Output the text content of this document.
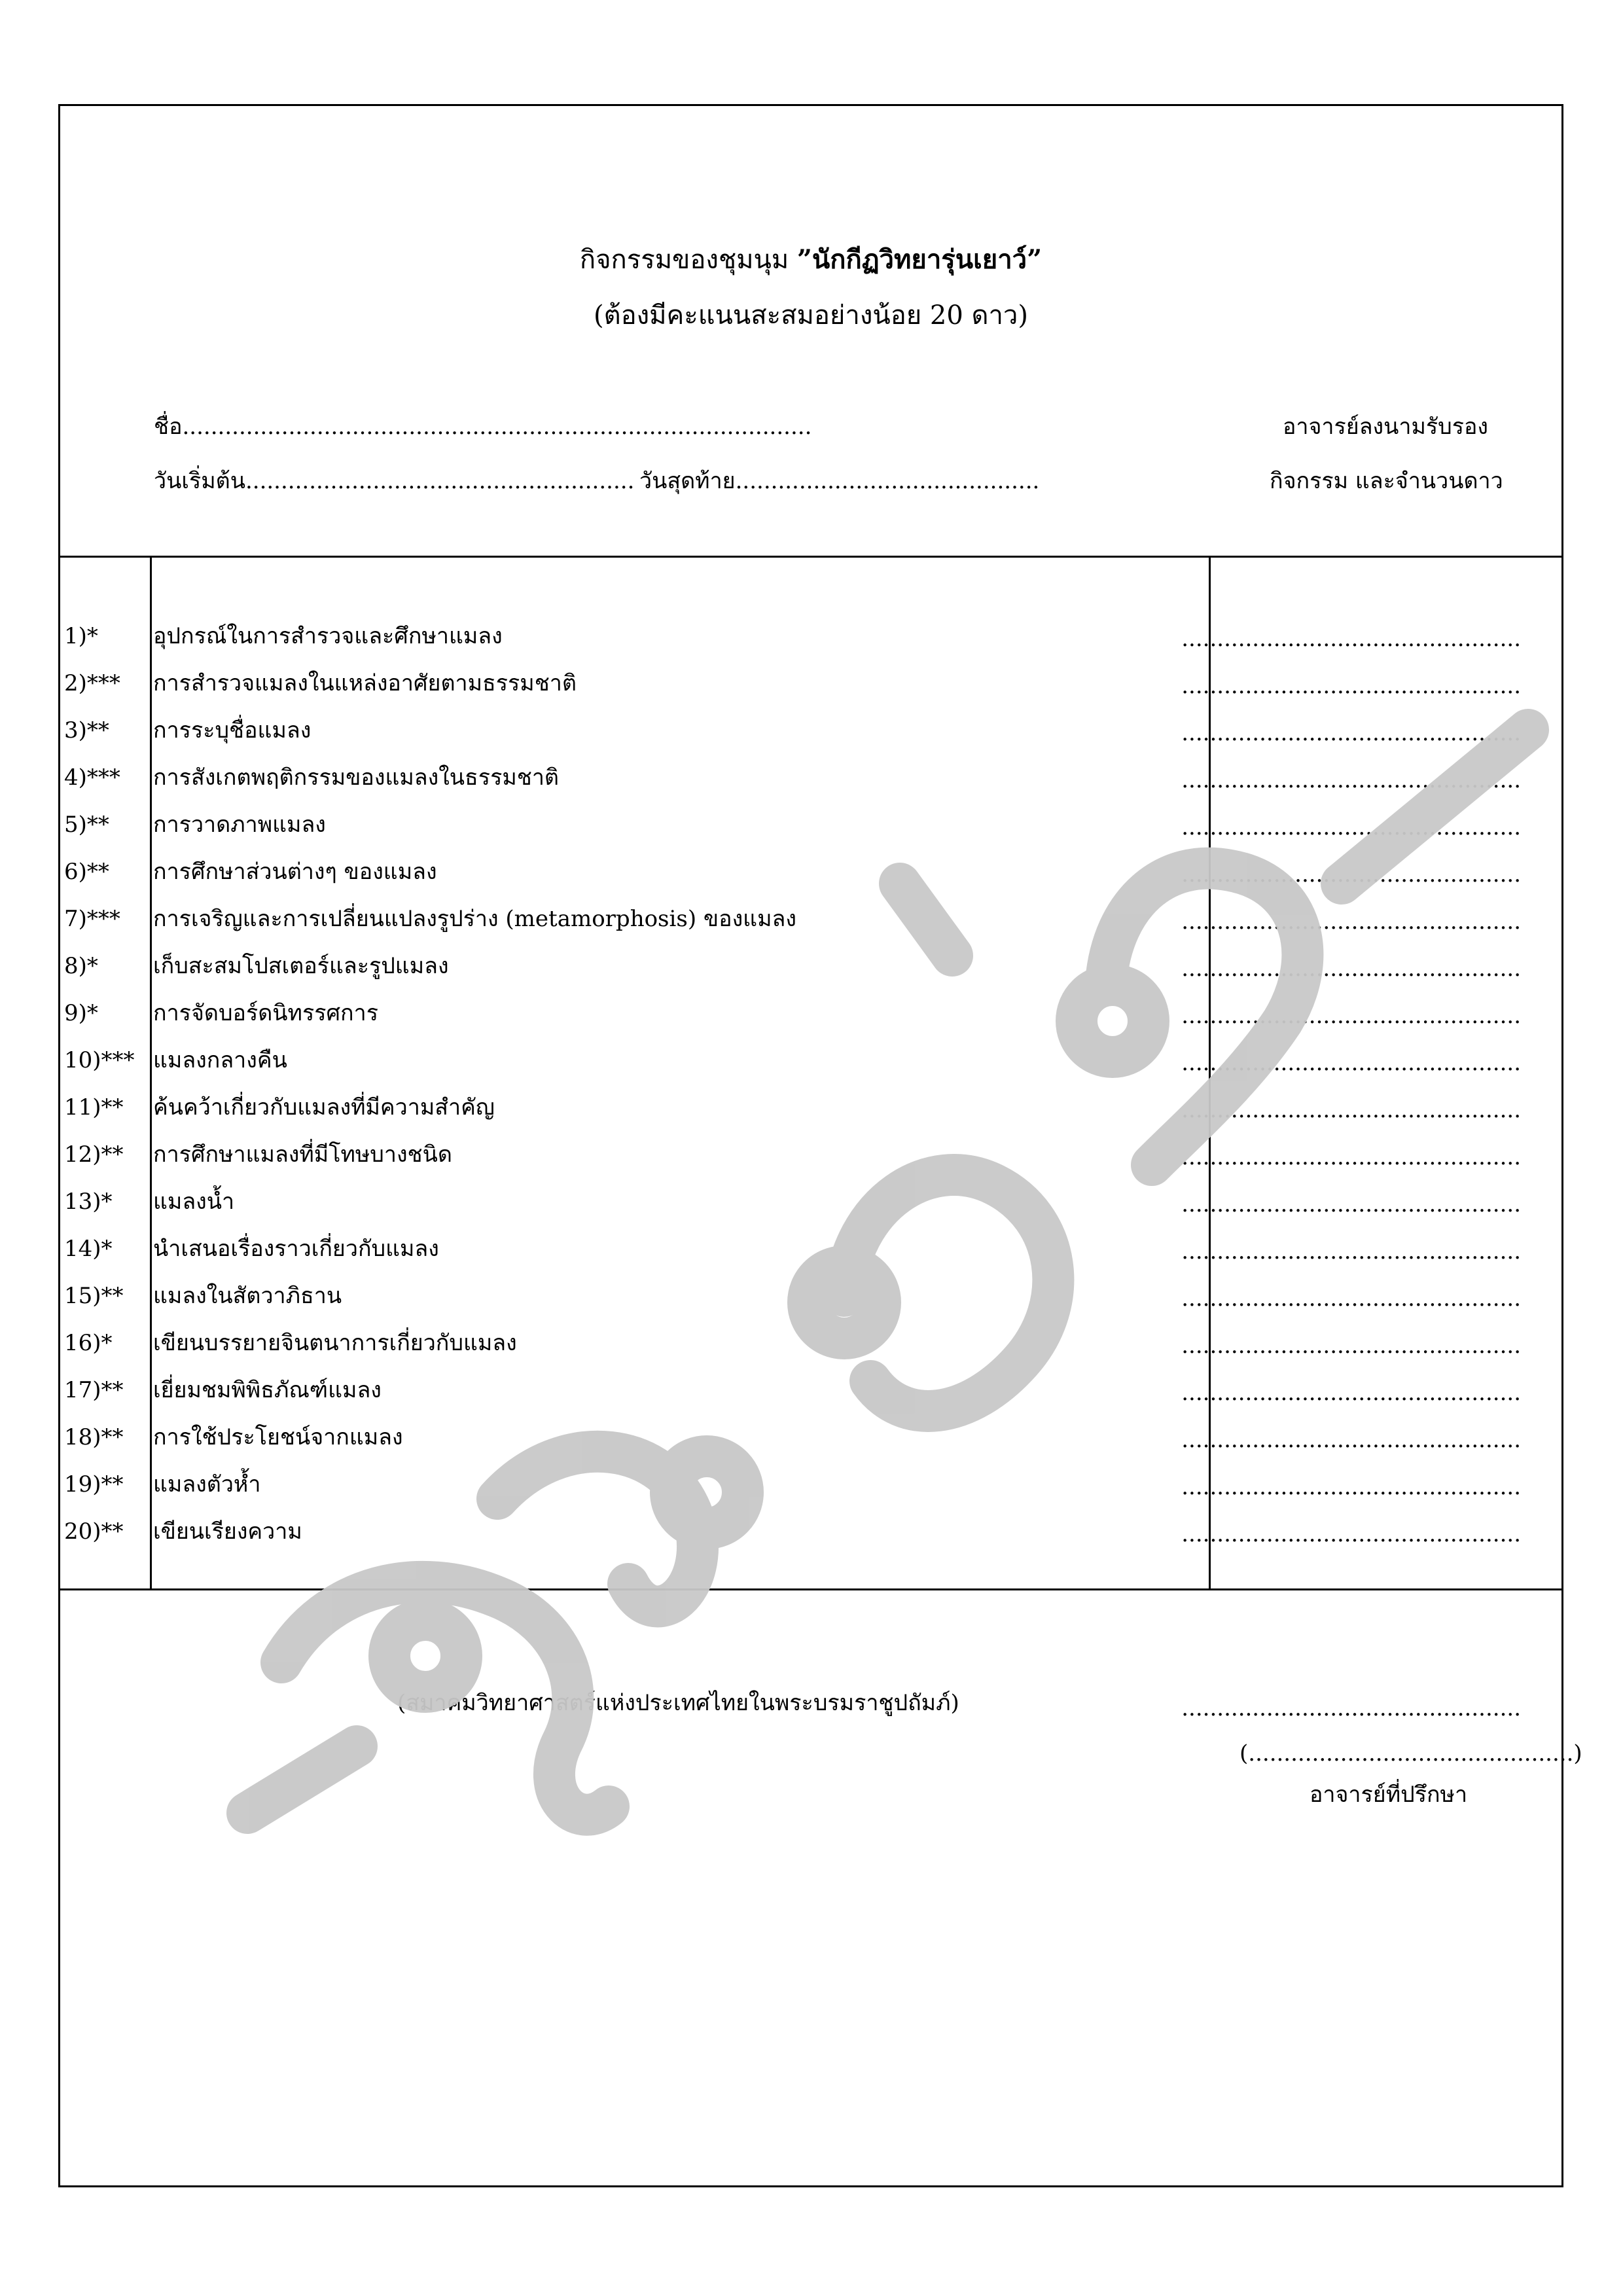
กิจกรรมของชุมนุม ”นักกีฏวิทยารุ่นเยาว์”
(ต้องมีคะแนนสะสมอย่างน้อย 20 ดาว)
ชื่อ.........................................................................................
วันเริ่มต้น....................................................... วันสุดท้าย...........................................
อาจารย์ลงนามรับรอง
กิจกรรม และจำนวนดาว
1)* อุปกรณ์ในการสำรวจและศึกษาแมลง	................................................
2)*** การสำรวจแมลงในแหล่งอาศัยตามธรรมชาติ	................................................
3)** การระบุชื่อแมลง	................................................
4)*** การสังเกตพฤติกรรมของแมลงในธรรมชาติ	................................................
5)** การวาดภาพแมลง	................................................
6)** การศึกษาส่วนต่างๆ ของแมลง	................................................
7)*** การเจริญและการเปลี่ยนแปลงรูปร่าง (metamorphosis) ของแมลง	................................................
8)* เก็บสะสมโปสเตอร์และรูปแมลง	................................................
9)* การจัดบอร์ดนิทรรศการ	................................................
10)*** แมลงกลางคืน	................................................
11)** ค้นคว้าเกี่ยวกับแมลงที่มีความสำคัญ	................................................
12)** การศึกษาแมลงที่มีโทษบางชนิด	................................................
13)* แมลงน้ำ	................................................
14)* นำเสนอเรื่องราวเกี่ยวกับแมลง	................................................
15)** แมลงในสัตวาภิธาน	................................................
16)* เขียนบรรยายจินตนาการเกี่ยวกับแมลง	................................................
17)** เยี่ยมชมพิพิธภัณฑ์แมลง	................................................
18)** การใช้ประโยชน์จากแมลง	................................................
19)** แมลงตัวห้ำ	................................................
20)** เขียนเรียงความ	................................................
(สมาคมวิทยาศาสตร์แห่งประเทศไทยในพระบรมราชูปถัมภ์)	................................................
(..............................................)
อาจารย์ที่ปรึกษา
